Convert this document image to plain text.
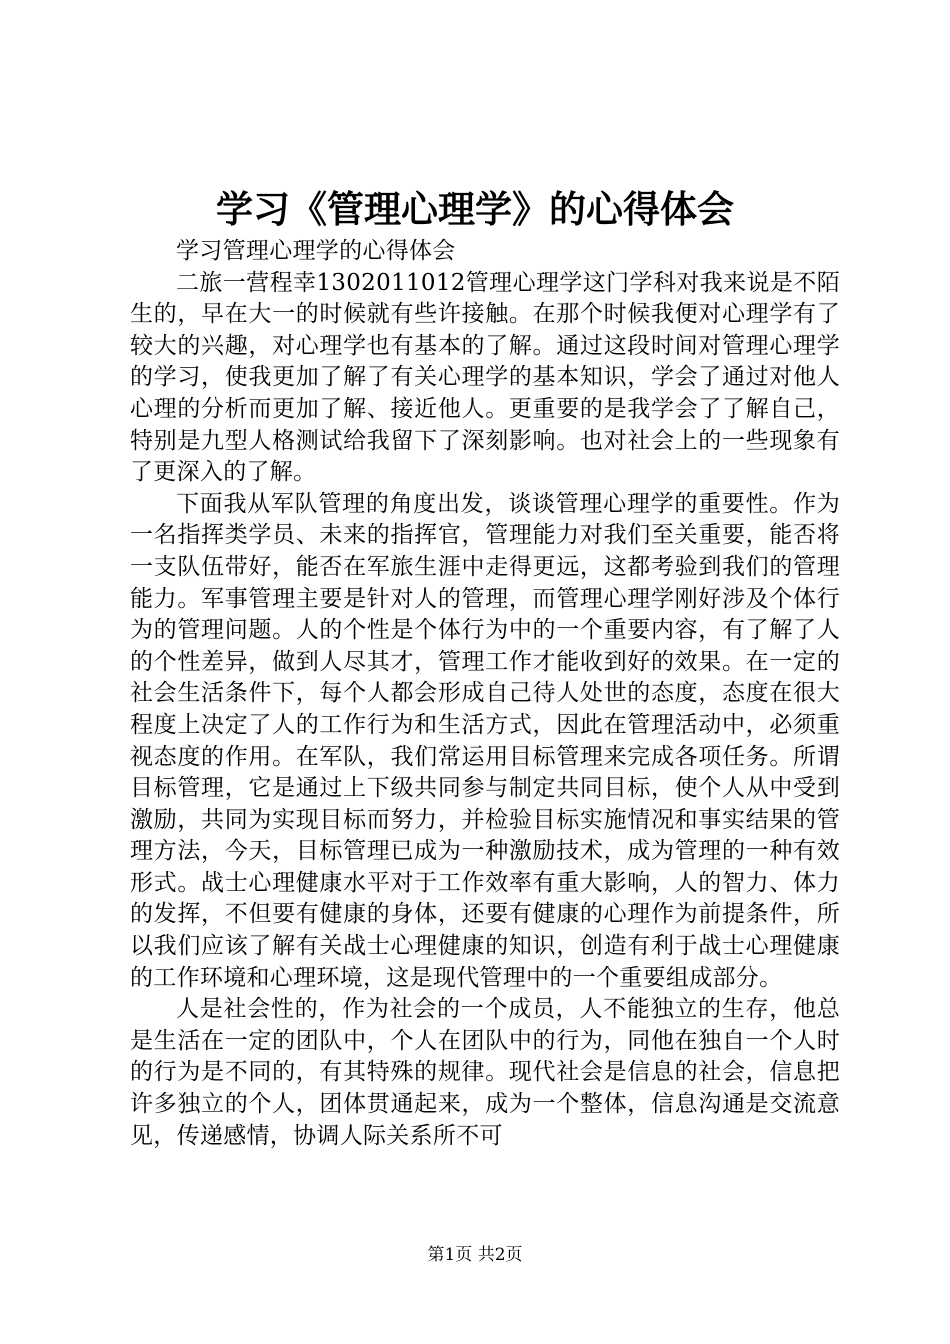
学习《管理心理学》的心得体会

学习管理心理学的心得体会

二旅一营程幸1302011012管理心理学这门学科对我来说是不陌生的，早在大一的时候就有些许接触。在那个时候我便对心理学有了较大的兴趣，对心理学也有基本的了解。通过这段时间对管理心理学的学习，使我更加了解了有关心理学的基本知识，学会了通过对他人心理的分析而更加了解、接近他人。更重要的是我学会了了解自己，特别是九型人格测试给我留下了深刻影响。也对社会上的一些现象有了更深入的了解。

下面我从军队管理的角度出发，谈谈管理心理学的重要性。作为一名指挥类学员、未来的指挥官，管理能力对我们至关重要，能否将一支队伍带好，能否在军旅生涯中走得更远，这都考验到我们的管理能力。军事管理主要是针对人的管理，而管理心理学刚好涉及个体行为的管理问题。人的个性是个体行为中的一个重要内容，有了解了人的个性差异，做到人尽其才，管理工作才能收到好的效果。在一定的社会生活条件下，每个人都会形成自己待人处世的态度，态度在很大程度上决定了人的工作行为和生活方式，因此在管理活动中，必须重视态度的作用。在军队，我们常运用目标管理来完成各项任务。所谓目标管理，它是通过上下级共同参与制定共同目标，使个人从中受到激励，共同为实现目标而努力，并检验目标实施情况和事实结果的管理方法，今天，目标管理已成为一种激励技术，成为管理的一种有效形式。战士心理健康水平对于工作效率有重大影响，人的智力、体力的发挥，不但要有健康的身体，还要有健康的心理作为前提条件，所以我们应该了解有关战士心理健康的知识，创造有利于战士心理健康的工作环境和心理环境，这是现代管理中的一个重要组成部分。

人是社会性的，作为社会的一个成员，人不能独立的生存，他总是生活在一定的团队中，个人在团队中的行为，同他在独自一个人时的行为是不同的，有其特殊的规律。现代社会是信息的社会，信息把许多独立的个人，团体贯通起来，成为一个整体，信息沟通是交流意见，传递感情，协调人际关系所不可

第1页 共2页
